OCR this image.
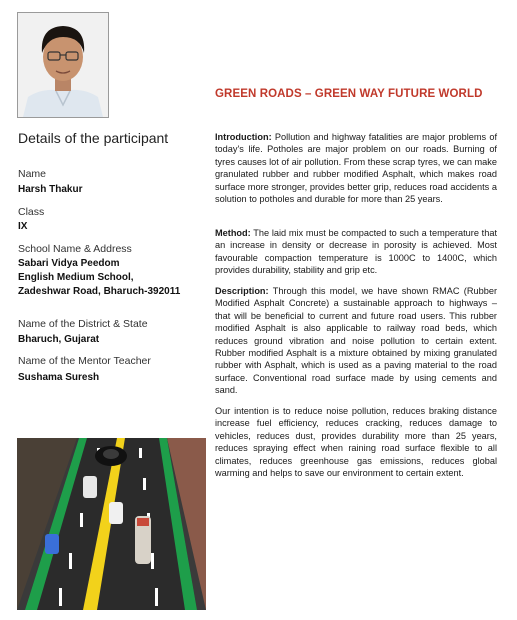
Details of the participant
Name
Harsh Thakur
Class
IX
School Name & Address
Sabari Vidya Peedom
English Medium School,
Zadeshwar Road, Bharuch-392011
Name of the District & State
Bharuch, Gujarat
Name of the Mentor Teacher
Sushama Suresh
GREEN ROADS – GREEN WAY FUTURE WORLD
Introduction: Pollution and highway fatalities are major problems of today's life. Potholes are major problem on our roads. Burning of tyres causes lot of air pollution. From these scrap tyres, we can make granulated rubber and rubber modified Asphalt, which makes road surface more stronger, provides better grip, reduces road accidents a solution to potholes and durable for more than 25 years.
Method: The laid mix must be compacted to such a temperature that an increase in density or decrease in porosity is achieved. Most favourable compaction temperature is 1000C to 1400C, which provides durability, stability and grip etc.
Description: Through this model, we have shown RMAC (Rubber Modified Asphalt Concrete) a sustainable approach to highways – that will be beneficial to current and future road users. This rubber modified Asphalt is also applicable to railway road beds, which reduces ground vibration and noise pollution to certain extent. Rubber modified Asphalt is a mixture obtained by mixing granulated rubber with Asphalt, which is used as a paving material to the road surface. Conventional road surface made by using cements and sand.
Our intention is to reduce noise pollution, reduces braking distance increase fuel efficiency, reduces cracking, reduces damage to vehicles, reduces dust, provides durability more than 25 years, reduces spraying effect when raining road surface flexible to all climates, reduces greenhouse gas emissions, reduces global warming and helps to save our environment to certain extent.
